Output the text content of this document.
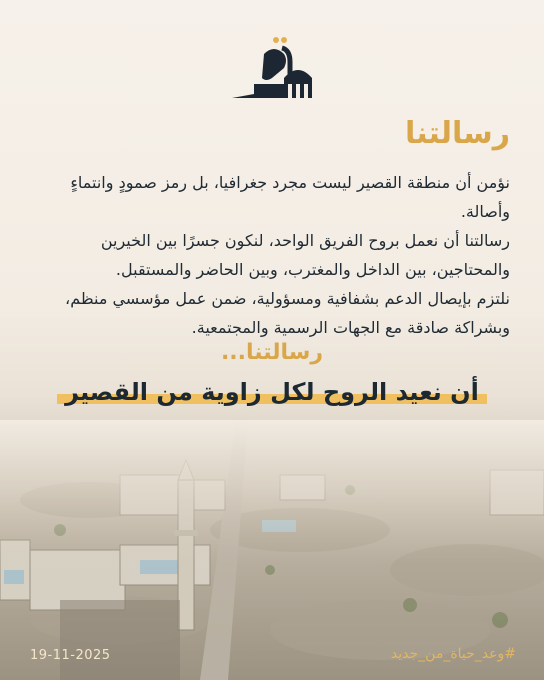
رسالتنا

نؤمن أن منطقة القصير ليست مجرد جغرافيا، بل رمز صمودٍ وانتماءٍ وأصالة.

رسالتنا أن نعمل بروح الفريق الواحد، لنكون جسرًا بين الخيرين والمحتاجين، بين الداخل والمغترب، وبين الحاضر والمستقبل.

نلتزم بإيصال الدعم بشفافية ومسؤولية، ضمن عمل مؤسسي منظم، وبشراكة صادقة مع الجهات الرسمية والمجتمعية.

رسالتنا...
أن نعيد الروح لكل زاوية من القصير
19-11-2025	#وعد_حياة_من_جديد
